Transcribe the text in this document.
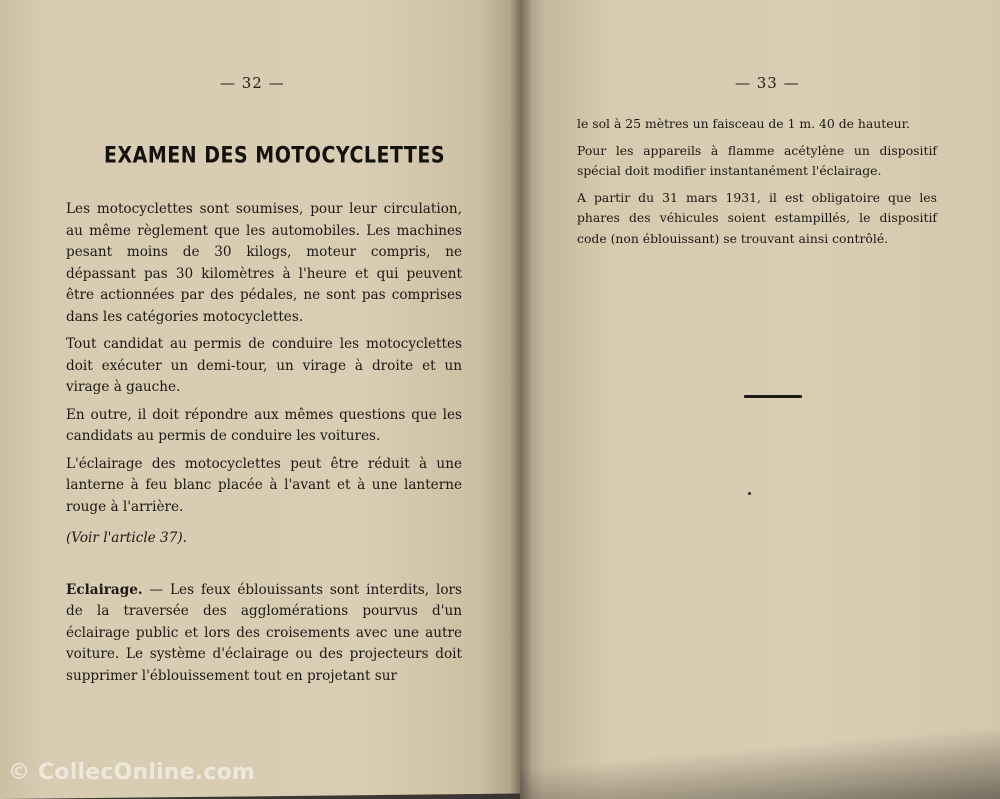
— 32 —	— 33 —
EXAMEN DES MOTOCYCLETTES

Les motocyclettes sont soumises, pour leur circulation, au même règlement que les automobiles. Les machines pesant moins de 30 kilogs, moteur compris, ne dépassant pas 30 kilomètres à l'heure et qui peuvent être actionnées par des pédales, ne sont pas comprises dans les catégories motocyclettes.

Tout candidat au permis de conduire les motocyclettes doit exécuter un demi-tour, un virage à droite et un virage à gauche.

En outre, il doit répondre aux mêmes questions que les candidats au permis de conduire les voitures.

L'éclairage des motocyclettes peut être réduit à une lanterne à feu blanc placée à l'avant et à une lanterne rouge à l'arrière.

(Voir l'article 37).

Eclairage. — Les feux éblouissants sont interdits, lors de la traversée des agglomérations pourvus d'un éclairage public et lors des croisements avec une autre voiture. Le système d'éclairage ou des projecteurs doit supprimer l'éblouissement tout en projetant sur

le sol à 25 mètres un faisceau de 1 m. 40 de hauteur.

Pour les appareils à flamme acétylène un dispositif spécial doit modifier instantanément l'éclairage.

A partir du 31 mars 1931, il est obligatoire que les phares des véhicules soient estampillés, le dispositif code (non éblouissant) se trouvant ainsi contrôlé.

© CollecOnline.com
